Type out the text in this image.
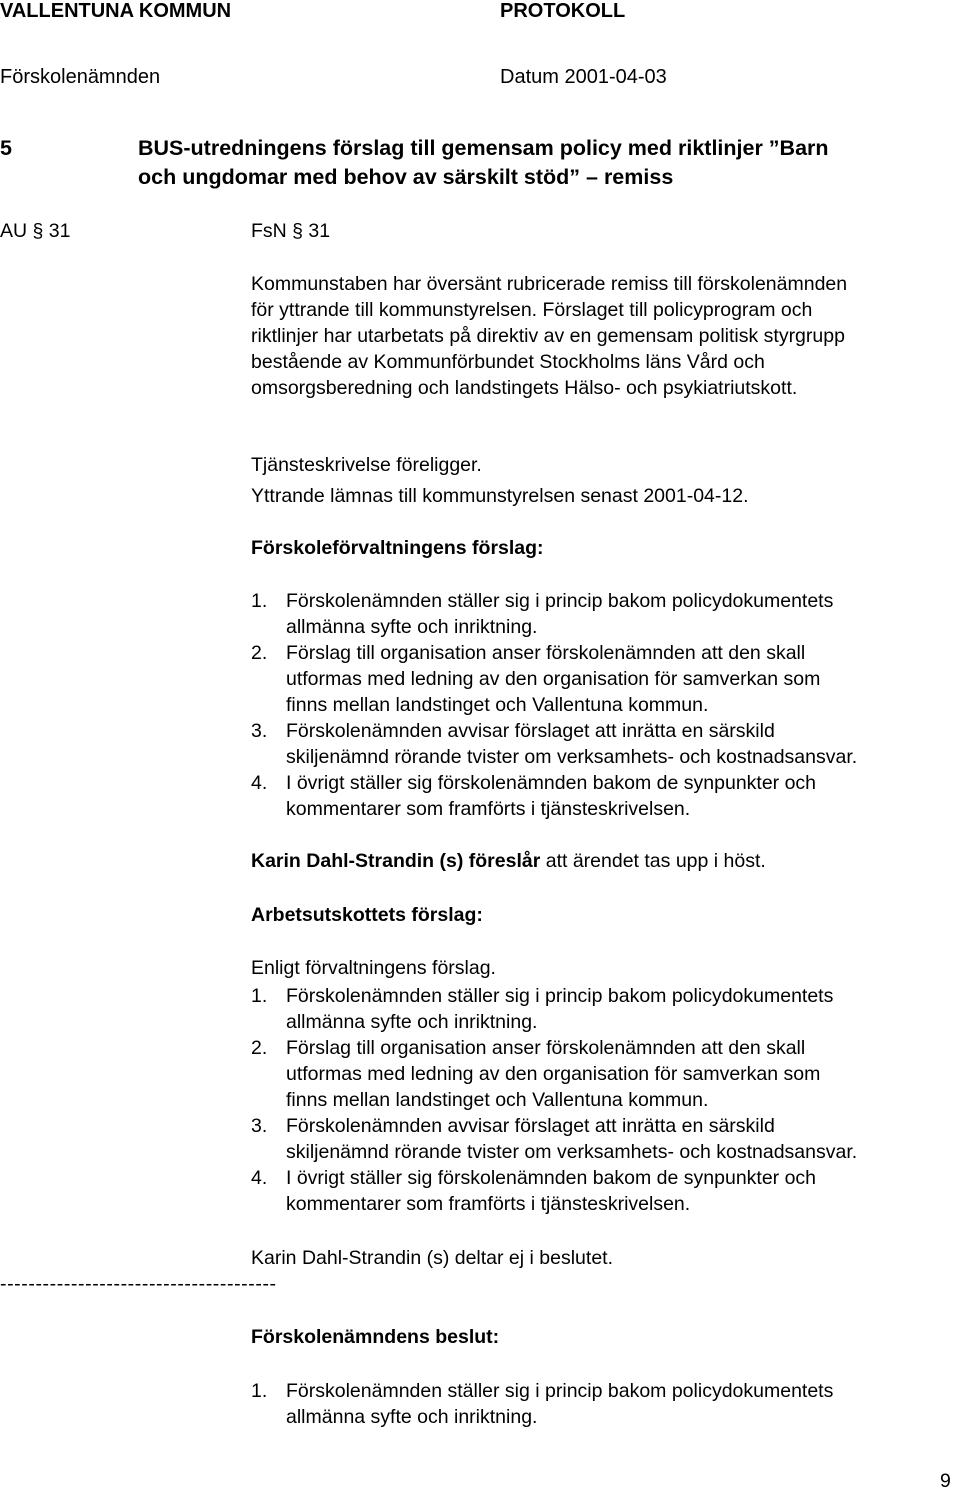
VALLENTUNA KOMMUN	PROTOKOLL
Förskolenämnden	Datum 2001-04-03
5	BUS-utredningens förslag till gemensam policy med riktlinjer ”Barn
och ungdomar med behov av särskilt stöd” – remiss
AU § 31	FsN § 31
Kommunstaben har översänt rubricerade remiss till förskolenämnden
för yttrande till kommunstyrelsen. Förslaget till policyprogram och
riktlinjer har utarbetats på direktiv av en gemensam politisk styrgrupp
bestående av Kommunförbundet Stockholms läns Vård och
omsorgsberedning och landstingets Hälso- och psykiatriutskott.
Tjänsteskrivelse föreligger.
Yttrande lämnas till kommunstyrelsen senast 2001-04-12.
Förskoleförvaltningens förslag:
1. Förskolenämnden ställer sig i princip bakom policydokumentets
allmänna syfte och inriktning.
2. Förslag till organisation anser förskolenämnden att den skall
utformas med ledning av den organisation för samverkan som
finns mellan landstinget och Vallentuna kommun.
3. Förskolenämnden avvisar förslaget att inrätta en särskild
skiljenämnd rörande tvister om verksamhets- och kostnadsansvar.
4. I övrigt ställer sig förskolenämnden bakom de synpunkter och
kommentarer som framförts i tjänsteskrivelsen.
Karin Dahl-Strandin (s) föreslår att ärendet tas upp i höst.
Arbetsutskottets förslag:
Enligt förvaltningens förslag.
1. Förskolenämnden ställer sig i princip bakom policydokumentets
allmänna syfte och inriktning.
2. Förslag till organisation anser förskolenämnden att den skall
utformas med ledning av den organisation för samverkan som
finns mellan landstinget och Vallentuna kommun.
3. Förskolenämnden avvisar förslaget att inrätta en särskild
skiljenämnd rörande tvister om verksamhets- och kostnadsansvar.
4. I övrigt ställer sig förskolenämnden bakom de synpunkter och
kommentarer som framförts i tjänsteskrivelsen.
Karin Dahl-Strandin (s) deltar ej i beslutet.
---------------------------------------
Förskolenämndens beslut:
1. Förskolenämnden ställer sig i princip bakom policydokumentets
allmänna syfte och inriktning.
9
